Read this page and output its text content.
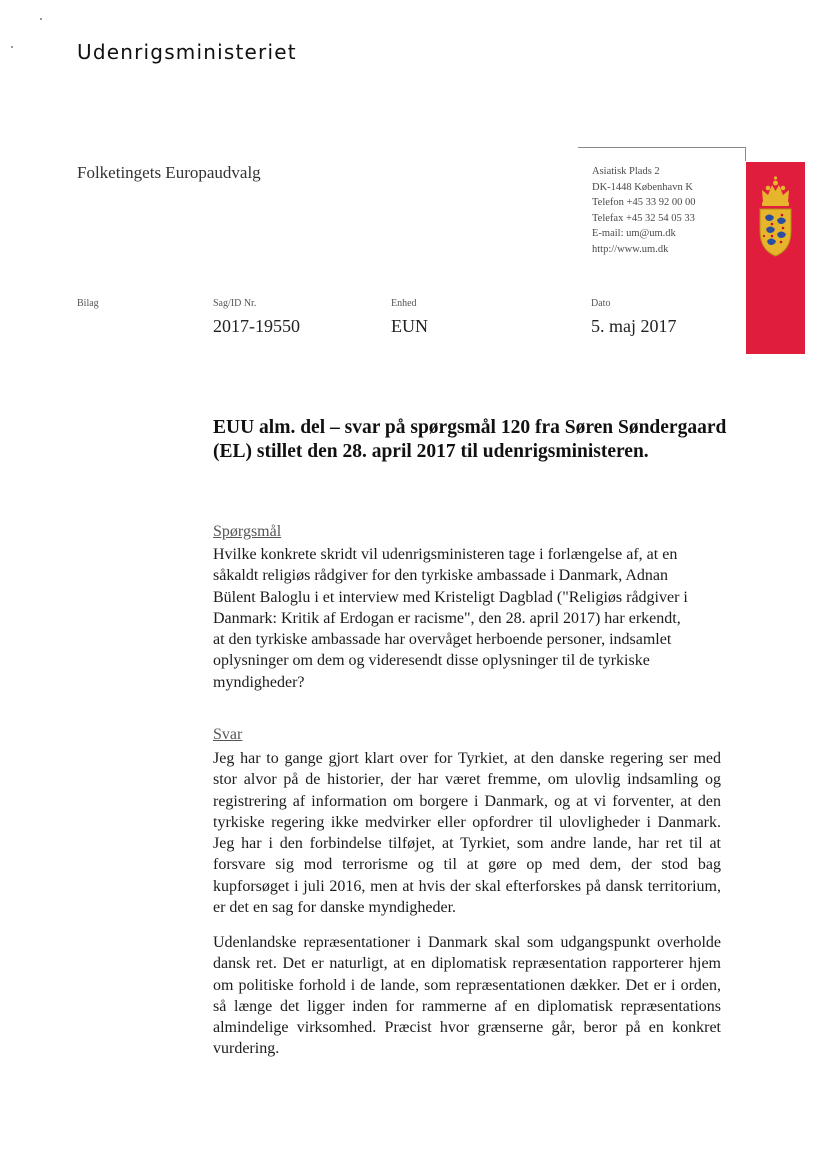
Udenrigsministeriet
Folketingets Europaudvalg	Asiatisk Plads 2
DK-1448 København K
Telefon +45 33 92 00 00
Telefax +45 32 54 05 33
E-mail: um@um.dk
http://www.um.dk
Bilag	Sag/ID Nr.
2017-19550
Enhed
EUN
Dato
5. maj 2017
EUU alm. del – svar på spørgsmål 120 fra Søren Søndergaard (EL) stillet den 28. april 2017 til udenrigsministeren.
Spørgsmål
Hvilke konkrete skridt vil udenrigsministeren tage i forlængelse af, at en
såkaldt religiøs rådgiver for den tyrkiske ambassade i Danmark, Adnan
Bülent Baloglu i et interview med Kristeligt Dagblad ("Religiøs rådgiver i
Danmark: Kritik af Erdogan er racisme", den 28. april 2017) har erkendt,
at den tyrkiske ambassade har overvåget herboende personer, indsamlet
oplysninger om dem og videresendt disse oplysninger til de tyrkiske
myndigheder?
Svar

Jeg har to gange gjort klart over for Tyrkiet, at den danske regering ser med stor alvor på de historier, der har været fremme, om ulovlig indsamling og registrering af information om borgere i Danmark, og at vi forventer, at den tyrkiske regering ikke medvirker eller opfordrer til ulovligheder i Danmark. Jeg har i den forbindelse tilføjet, at Tyrkiet, som andre lande, har ret til at forsvare sig mod terrorisme og til at gøre op med dem, der stod bag kupforsøget i juli 2016, men at hvis der skal efterforskes på dansk territorium, er det en sag for danske myndigheder.

Udenlandske repræsentationer i Danmark skal som udgangspunkt overholde dansk ret. Det er naturligt, at en diplomatisk repræsentation rapporterer hjem om politiske forhold i de lande, som repræsentationen dækker. Det er i orden, så længe det ligger inden for rammerne af en diplomatisk repræsentations almindelige virksomhed. Præcist hvor grænserne går, beror på en konkret vurdering.
